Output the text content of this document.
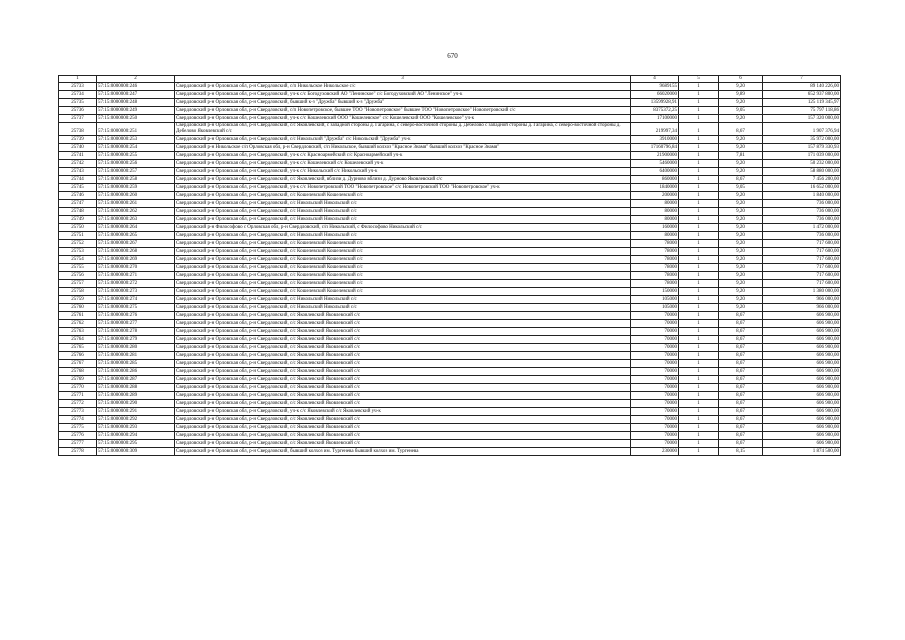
670
1	2	3	4	5	6	7
25733	57:15:0000000:246	Свердловский р-н Орловская обл, р-н Свердловский, с/п Никольское Никольское с/с	9689155	1	9,20	89 140 226,00
25734	57:15:0000000:247	Свердловский р-н Орловская обл, р-н Свердловский, уч-к с/с Богодуховский АО "Ленинское" с/с Богодуховский АО "Ленинское" уч-к	66020000	1	9,89	652 937 800,00
25735	57:15:0000000:248	Свердловский р-н Орловская обл, р-н Свердловский, бывший к-з "Дружба" бывший к-з "Дружба"	13599928,91	1	9,20	125 119 345,97
25736	57:15:0000000:249	Свердловский р-н Орловская обл, р-н Свердловский, с/п Новопетровское, бывшее ТОО "Новопетровское" бывшее ТОО "Новопетровское" Новопетровский с/с	8375372,25	1	9,05	75 797 118,86
25737	57:15:0000000:250	Свердловский р-н Орловская обл, р-н Свердловский, уч-к с/с Кошелевский ООО "Кошелевское" с/с Кошелевский ООО "Кошелевское" уч-к	17100000	1	9,20	157 320 000,00
25738	57:15:0000000:251	Свердловский р-н Орловская обл, р-н Свердловский, с/с Яковлевский, с западной стороны д. Гагарина, с северо-восточной стороны д. Дебелово с западной стороны д. Гагарина, с северо-восточной стороны д. Дебелово Яковлевский с/с	219997,34	1	8,67	1 907 376,94
25739	57:15:0000000:253	Свердловский р-н Орловская обл, р-н Свердловский, с/с Никольский "Дружба" с/с Никольский "Дружба" уч-к	3910000	1	9,20	35 972 000,00
25740	57:15:0000000:254	Свердловский р-н Никольское с/п Орловская обл, р-н Свердловский, с/п Никольское, бывший колхоз "Красное Знамя" бывший колхоз "Красное Знамя"	17160796,84	1	9,20	157 879 330,93
25741	57:15:0000000:255	Свердловский р-н Орловская обл, р-н Свердловский, уч-к с/с Красноармейский с/с Красноармейский уч-к	21900000	1	7,81	171 039 000,00
25742	57:15:0000000:256	Свердловский р-н Орловская обл, р-н Свердловский, уч-к с/с Кошелевский с/с Кошелевский уч-к	5460000	1	9,20	50 232 000,00
25743	57:15:0000000:257	Свердловский р-н Орловская обл, р-н Свердловский, уч-к с/с Никольский с/с Никольский уч-к	6400000	1	9,20	58 880 000,00
25744	57:15:0000000:258	Свердловский р-н Орловская обл, р-н Свердловский, с/с Яковлевский, вблизи д. Дурново вблизи д. Дурново Яковлевский с/с	860000	1	8,67	7 456 200,00
25745	57:15:0000000:259	Свердловский р-н Орловская обл, р-н Свердловский, уч-к с/с Новопетровский ТОО "Новопетровское" с/с Новопетровский ТОО "Новопетровское" уч-к	1840000	1	9,05	16 652 000,00
25746	57:15:0000000:260	Свердловский р-н Орловская обл, р-н Свердловский, с/с Кошелевский Кошелевский с/с	200000	1	9,20	1 840 000,00
25747	57:15:0000000:261	Свердловский р-н Орловская обл, р-н Свердловский, с/с Никольский Никольский с/с	80000	1	9,20	736 000,00
25748	57:15:0000000:262	Свердловский р-н Орловская обл, р-н Свердловский, с/с Никольский Никольский с/с	80000	1	9,20	736 000,00
25749	57:15:0000000:263	Свердловский р-н Орловская обл, р-н Свердловский, с/с Никольский Никольский с/с	80000	1	9,20	736 000,00
25750	57:15:0000000:264	Свердловский р-н Философово с Орловская обл, р-н Свердловский, с/п Никольский, с Философово Никольский с/с	160000	1	9,20	1 472 000,00
25751	57:15:0000000:265	Свердловский р-н Орловская обл, р-н Свердловский, с/с Никольский Никольский с/с	80000	1	9,20	736 000,00
25752	57:15:0000000:267	Свердловский р-н Орловская обл, р-н Свердловский, с/с Кошелевский Кошелевский с/с	78000	1	9,20	717 600,00
25753	57:15:0000000:268	Свердловский р-н Орловская обл, р-н Свердловский, с/с Кошелевский Кошелевский с/с	78000	1	9,20	717 600,00
25754	57:15:0000000:269	Свердловский р-н Орловская обл, р-н Свердловский, с/с Кошелевский Кошелевский с/с	78000	1	9,20	717 600,00
25755	57:15:0000000:270	Свердловский р-н Орловская обл, р-н Свердловский, с/с Кошелевский Кошелевский с/с	78000	1	9,20	717 600,00
25756	57:15:0000000:271	Свердловский р-н Орловская обл, р-н Свердловский, с/с Кошелевский Кошелевский с/с	78000	1	9,20	717 600,00
25757	57:15:0000000:272	Свердловский р-н Орловская обл, р-н Свердловский, с/с Кошелевский Кошелевский с/с	78000	1	9,20	717 600,00
25758	57:15:0000000:273	Свердловский р-н Орловская обл, р-н Свердловский, с/с Кошелевский Кошелевский с/с	150000	1	9,20	1 380 000,00
25759	57:15:0000000:274	Свердловский р-н Орловская обл, р-н Свердловский, с/с Никольский Никольский с/с	105000	1	9,20	966 000,00
25760	57:15:0000000:275	Свердловский р-н Орловская обл, р-н Свердловский, с/с Никольский Никольский с/с	105000	1	9,20	966 000,00
25761	57:15:0000000:276	Свердловский р-н Орловская обл, р-н Свердловский, с/с Яковлевский Яковлевский с/с	70000	1	8,67	606 900,00
25762	57:15:0000000:277	Свердловский р-н Орловская обл, р-н Свердловский, с/с Яковлевский Яковлевский с/с	70000	1	8,67	606 900,00
25763	57:15:0000000:278	Свердловский р-н Орловская обл, р-н Свердловский, с/с Яковлевский Яковлевский с/с	70000	1	8,67	606 900,00
25764	57:15:0000000:279	Свердловский р-н Орловская обл, р-н Свердловский, с/с Яковлевский Яковлевский с/с	70000	1	8,67	606 900,00
25765	57:15:0000000:280	Свердловский р-н Орловская обл, р-н Свердловский, с/с Яковлевский Яковлевский с/с	70000	1	8,67	606 900,00
25766	57:15:0000000:281	Свердловский р-н Орловская обл, р-н Свердловский, с/с Яковлевский Яковлевский с/с	70000	1	8,67	606 900,00
25767	57:15:0000000:285	Свердловский р-н Орловская обл, р-н Свердловский, с/с Яковлевский Яковлевский с/с	70000	1	8,67	606 900,00
25768	57:15:0000000:286	Свердловский р-н Орловская обл, р-н Свердловский, с/с Яковлевский Яковлевский с/с	70000	1	8,67	606 900,00
25769	57:15:0000000:287	Свердловский р-н Орловская обл, р-н Свердловский, с/с Яковлевский Яковлевский с/с	70000	1	8,67	606 900,00
25770	57:15:0000000:288	Свердловский р-н Орловская обл, р-н Свердловский, с/с Яковлевский Яковлевский с/с	70000	1	8,67	606 900,00
25771	57:15:0000000:289	Свердловский р-н Орловская обл, р-н Свердловский, с/с Яковлевский Яковлевский с/с	70000	1	8,67	606 900,00
25772	57:15:0000000:290	Свердловский р-н Орловская обл, р-н Свердловский, с/с Яковлевский Яковлевский с/с	70000	1	8,67	606 900,00
25773	57:15:0000000:291	Свердловский р-н Орловская обл, р-н Свердловский, уч-к с/с Яковлевский с/с Яковлевский уч-к	70000	1	8,67	606 900,00
25774	57:15:0000000:292	Свердловский р-н Орловская обл, р-н Свердловский, с/с Яковлевский Яковлевский с/с	70000	1	8,67	606 900,00
25775	57:15:0000000:293	Свердловский р-н Орловская обл, р-н Свердловский, с/с Яковлевский Яковлевский с/с	70000	1	8,67	606 900,00
25776	57:15:0000000:294	Свердловский р-н Орловская обл, р-н Свердловский, с/с Яковлевский Яковлевский с/с	70000	1	8,67	606 900,00
25777	57:15:0000000:295	Свердловский р-н Орловская обл, р-н Свердловский, с/с Яковлевский Яковлевский с/с	70000	1	8,67	606 900,00
25778	57:15:0000000:309	Свердловский р-н Орловская обл, р-н Свердловский, бывший колхоз им. Тургенева бывший колхоз им. Тургенева	230000	1	8,15	1 874 500,00
